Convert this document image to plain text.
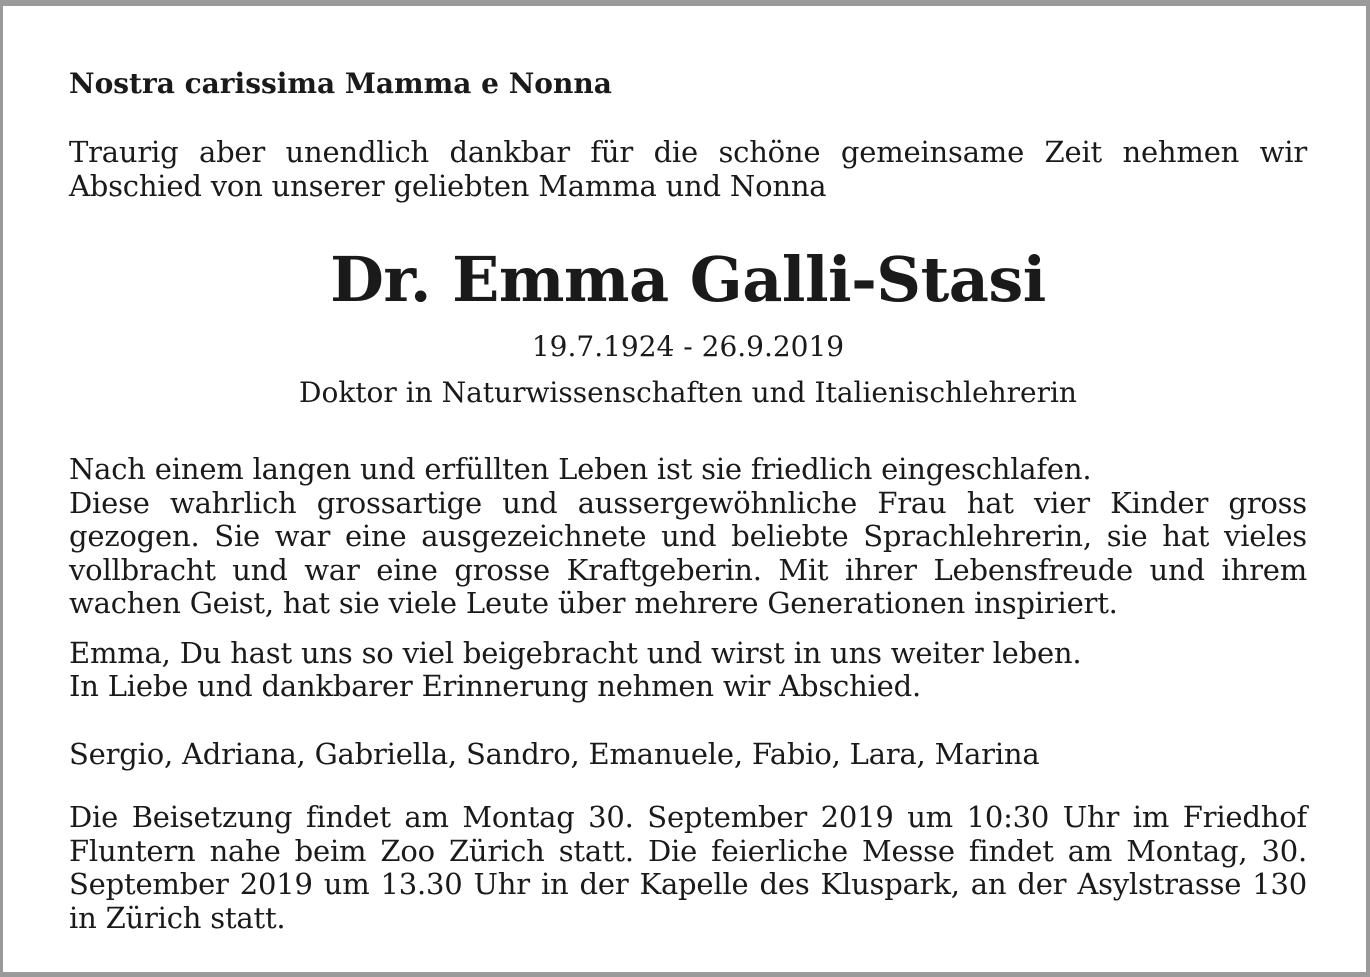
Nostra carissima Mamma e Nonna

Traurig aber unendlich dankbar für die schöne gemeinsame Zeit nehmen wir Abschied von unserer geliebten Mamma und Nonna

Dr. Emma Galli-Stasi
19.7.1924 - 26.9.2019
Doktor in Naturwissenschaften und Italienischlehrerin
Nach einem langen und erfüllten Leben ist sie friedlich eingeschlafen.

Diese wahrlich grossartige und aussergewöhnliche Frau hat vier Kinder gross gezogen. Sie war eine ausgezeichnete und beliebte Sprachlehrerin, sie hat vieles vollbracht und war eine grosse Kraftgeberin. Mit ihrer Lebensfreude und ihrem wachen Geist, hat sie viele Leute über mehrere Generationen inspiriert.

Emma, Du hast uns so viel beigebracht und wirst in uns weiter leben.
In Liebe und dankbarer Erinnerung nehmen wir Abschied.

Sergio, Adriana, Gabriella, Sandro, Emanuele, Fabio, Lara, Marina

Die Beisetzung findet am Montag 30. September 2019 um 10:30 Uhr im Friedhof Fluntern nahe beim Zoo Zürich statt. Die feierliche Messe findet am Montag, 30. September 2019 um 13.30 Uhr in der Kapelle des Kluspark, an der Asylstrasse 130 in Zürich statt.
